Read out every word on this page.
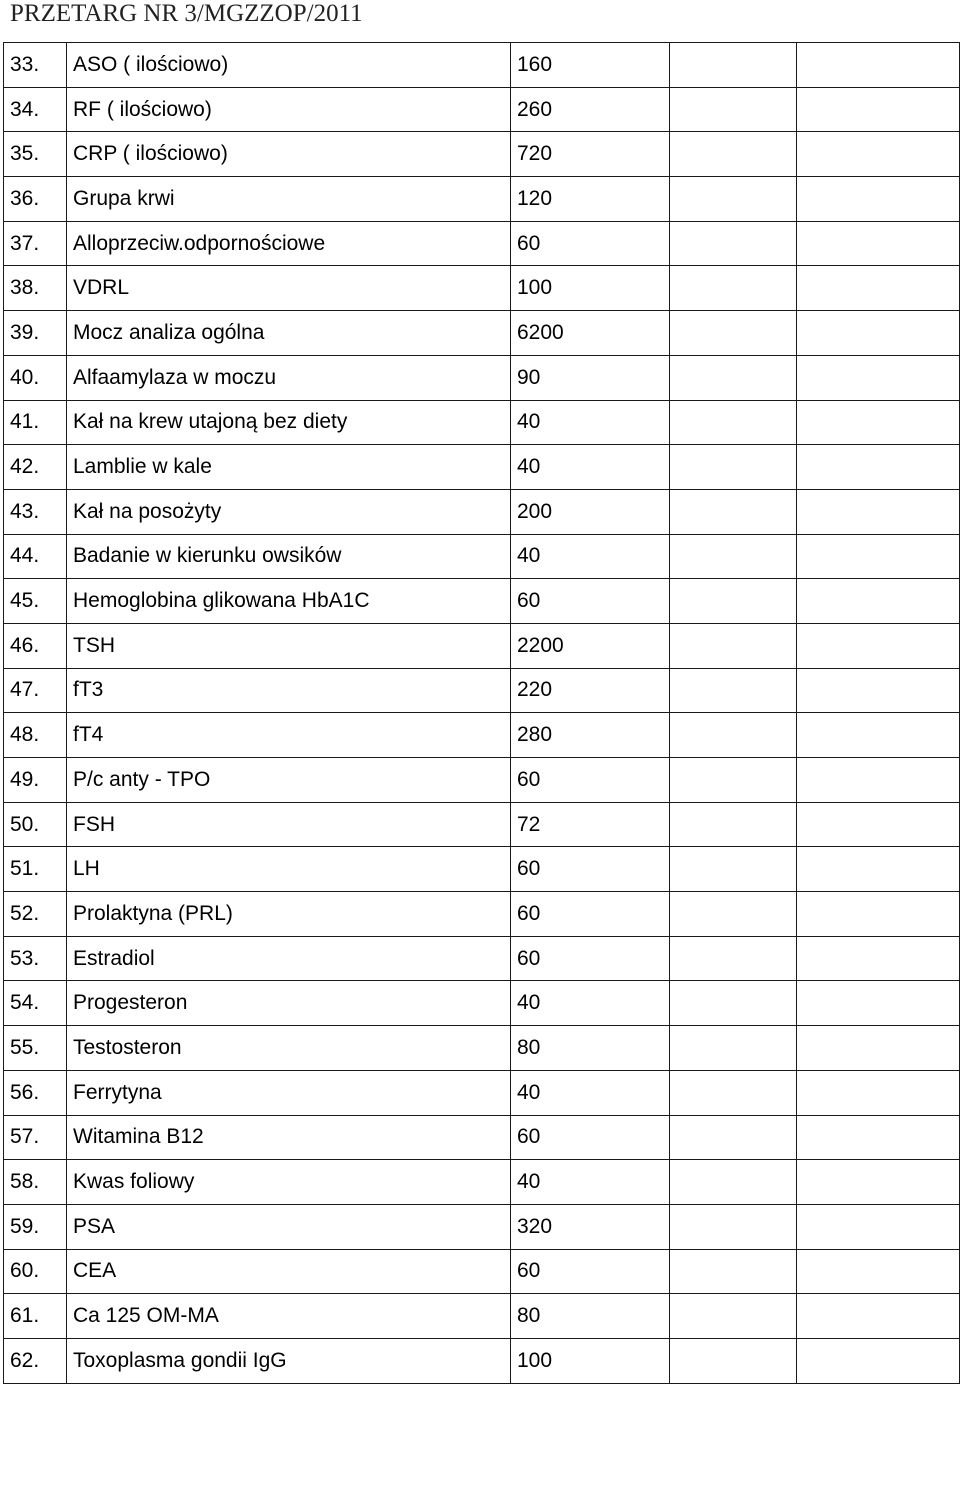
PRZETARG NR 3/MGZZOP/2011
33.	ASO ( ilościowo)	160		
34.	RF ( ilościowo)	260		
35.	CRP ( ilościowo)	720		
36.	Grupa krwi	120		
37.	Alloprzeciw.odpornościowe	60		
38.	VDRL	100		
39.	Mocz analiza ogólna	6200		
40.	Alfaamylaza w moczu	90		
41.	Kał na krew utajoną bez diety	40		
42.	Lamblie w kale	40		
43.	Kał na posożyty	200		
44.	Badanie w kierunku owsików	40		
45.	Hemoglobina glikowana HbA1C	60		
46.	TSH	2200		
47.	fT3	220		
48.	fT4	280		
49.	P/c anty - TPO	60		
50.	FSH	72		
51.	LH	60		
52.	Prolaktyna (PRL)	60		
53.	Estradiol	60		
54.	Progesteron	40		
55.	Testosteron	80		
56.	Ferrytyna	40		
57.	Witamina B12	60		
58.	Kwas foliowy	40		
59.	PSA	320		
60.	CEA	60		
61.	Ca 125 OM-MA	80		
62.	Toxoplasma gondii IgG	100		
